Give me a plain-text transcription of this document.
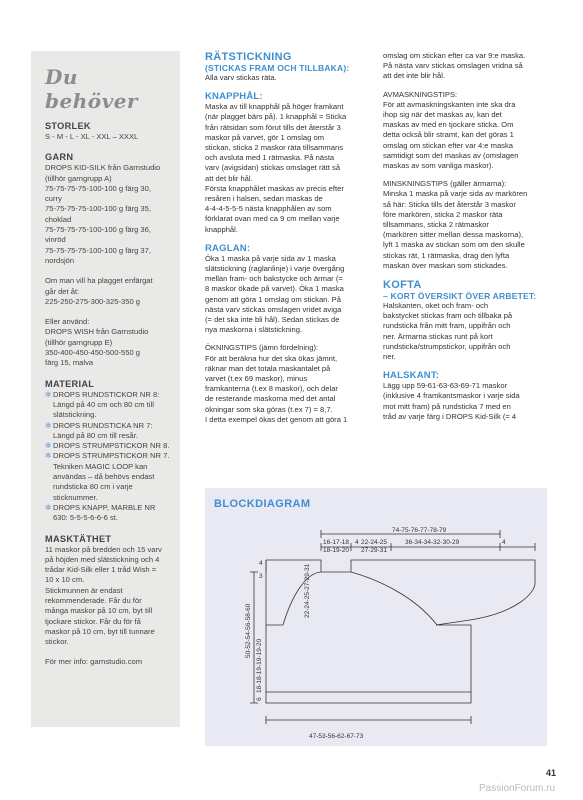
Du behöver

STORLEK

S - M - L - XL - XXL – XXXL

GARN

DROPS KID-SILK från Garnstudio

(tillhör garngrupp A)

75-75-75-75-100-100 g färg 30,

curry

75-75-75-75-100-100 g färg 35,

choklad

75-75-75-75-100-100 g färg 36,

vinröd

75-75-75-75-100-100 g färg 37,

nordsjön

Om man vill ha plagget enfärgat

går det åt:

225-250-275-300-325-350 g

Eller använd:

DROPS WISH från Garnstudio

(tillhör garngrupp E)

350-400-450-450-500-550 g

färg 15, malva

MATERIAL

✻ DROPS RUNDSTICKOR NR 8:
Längd på 40 cm och 80 cm till
slätstickning.
✻ DROPS RUNDSTICKA NR 7:
Längd på 80 cm till resår.
✻ DROPS STRUMPSTICKOR NR 8.
✻ DROPS STRUMPSTICKOR NR 7.
Tekniken MAGIC LOOP kan
användas – då behövs endast
rundsticka 80 cm i varje
sticknummer.
✻ DROPS KNAPP, MARBLE NR
630: 5-5-5-6-6-6 st.

MASKTÄTHET

11 maskor på bredden och 15 varv

på höjden med slätstickning och 4

trådar Kid-Silk eller 1 tråd Wish =

10 x 10 cm.

Stickmunnen är endast

rekommenderade. Får du för

många maskor på 10 cm, byt till

tjockare stickor. Får du för få

maskor på 10 cm, byt till tunnare

stickor.

För mer info: garnstudio.com

RÄTSTICKNING

(STICKAS FRAM OCH TILLBAKA):

Alla varv stickas räta.

KNAPPHÅL:

Maska av till knapphål på höger framkant

(när plagget bärs på). 1 knapphål = Sticka

från rätsidan som förut tills det återstår 3

maskor på varvet, gör 1 omslag om

stickan, sticka 2 maskor räta tillsammans

och avsluta med 1 rätmaska. På nästa

varv (avigsidan) stickas omslaget rätt så

att det blir hål.

Första knapphålet maskas av precis efter

resåren i halsen, sedan maskas de

4-4-4-5-5-5 nästa knapphålen av som

förklarat ovan med ca 9 cm mellan varje

knapphål.

RAGLAN:

Öka 1 maska på varje sida av 1 maska

slätstickning (raglanlinje) i varje övergång

mellan fram- och bakstycke och ärmar (=

8 maskor ökade på varvet). Öka 1 maska

genom att göra 1 omslag om stickan. På

nästa varv stickas omslagen vridet aviga

(= det ska inte bli hål). Sedan stickas de

nya maskorna i slätstickning.

ÖKNINGSTIPS (jämn fördelning):

För att beräkna hur det ska ökas jämnt,

räknar man det totala maskantalet på

varvet (t.ex 69 maskor), minus

framkanterna (t.ex 8 maskor), och delar

de resterande maskorna med det antal

ökningar som ska göras (t.ex 7) = 8,7.

I detta exempel ökas det genom att göra 1

omslag om stickan efter ca var 9:e maska.

På nästa varv stickas omslagen vridna så

att det inte blir hål.

AVMASKNINGSTIPS:

För att avmaskningskanten inte ska dra

ihop sig när det maskas av, kan det

maskas av med en tjockare sticka. Om

detta också blir stramt, kan det göras 1

omslag om stickan efter var 4:e maska

samtidigt som det maskas av (omslagen

maskas av som vanliga maskor).

MINSKNINGSTIPS (gäller ärmarna):

Minska 1 maska på varje sida av markören

så här: Sticka tills det återstår 3 maskor

före markören, sticka 2 maskor räta

tillsammans, sticka 2 rätmaskor

(markören sitter mellan dessa maskorna),

lyft 1 maska av stickan som om den skulle

stickas rät, 1 rätmaska, drag den lyfta

maskan över maskan som stickades.

KOFTA

– KORT ÖVERSIKT ÖVER ARBETET:

Halskanten, oket och fram- och

bakstycket stickas fram och tillbaka på

rundsticka från mitt fram, uppifrån och

ner. Ärmarna stickas runt på kort

rundsticka/strumpstickor, uppifrån och

ner.

HALSKANT:

Lägg upp 59-61-63-63-69-71 maskor

(inklusive 4 framkantsmaskor i varje sida

mot mitt fram) på rundsticka 7 med en

tråd av varje färg i DROPS Kid-Silk (= 4

BLOCKDIAGRAM

74-75-76-77-78-79
16-17-18
18-19-20
4 22-24-25
27-29-31
36-34-34-32-30-29	4
4
3	22-24-25-27-29-31
50-52-54-56-58-60
18-18-19-19-19-20
6
47-53-56-62-67-73
41
PassionForum.ru
